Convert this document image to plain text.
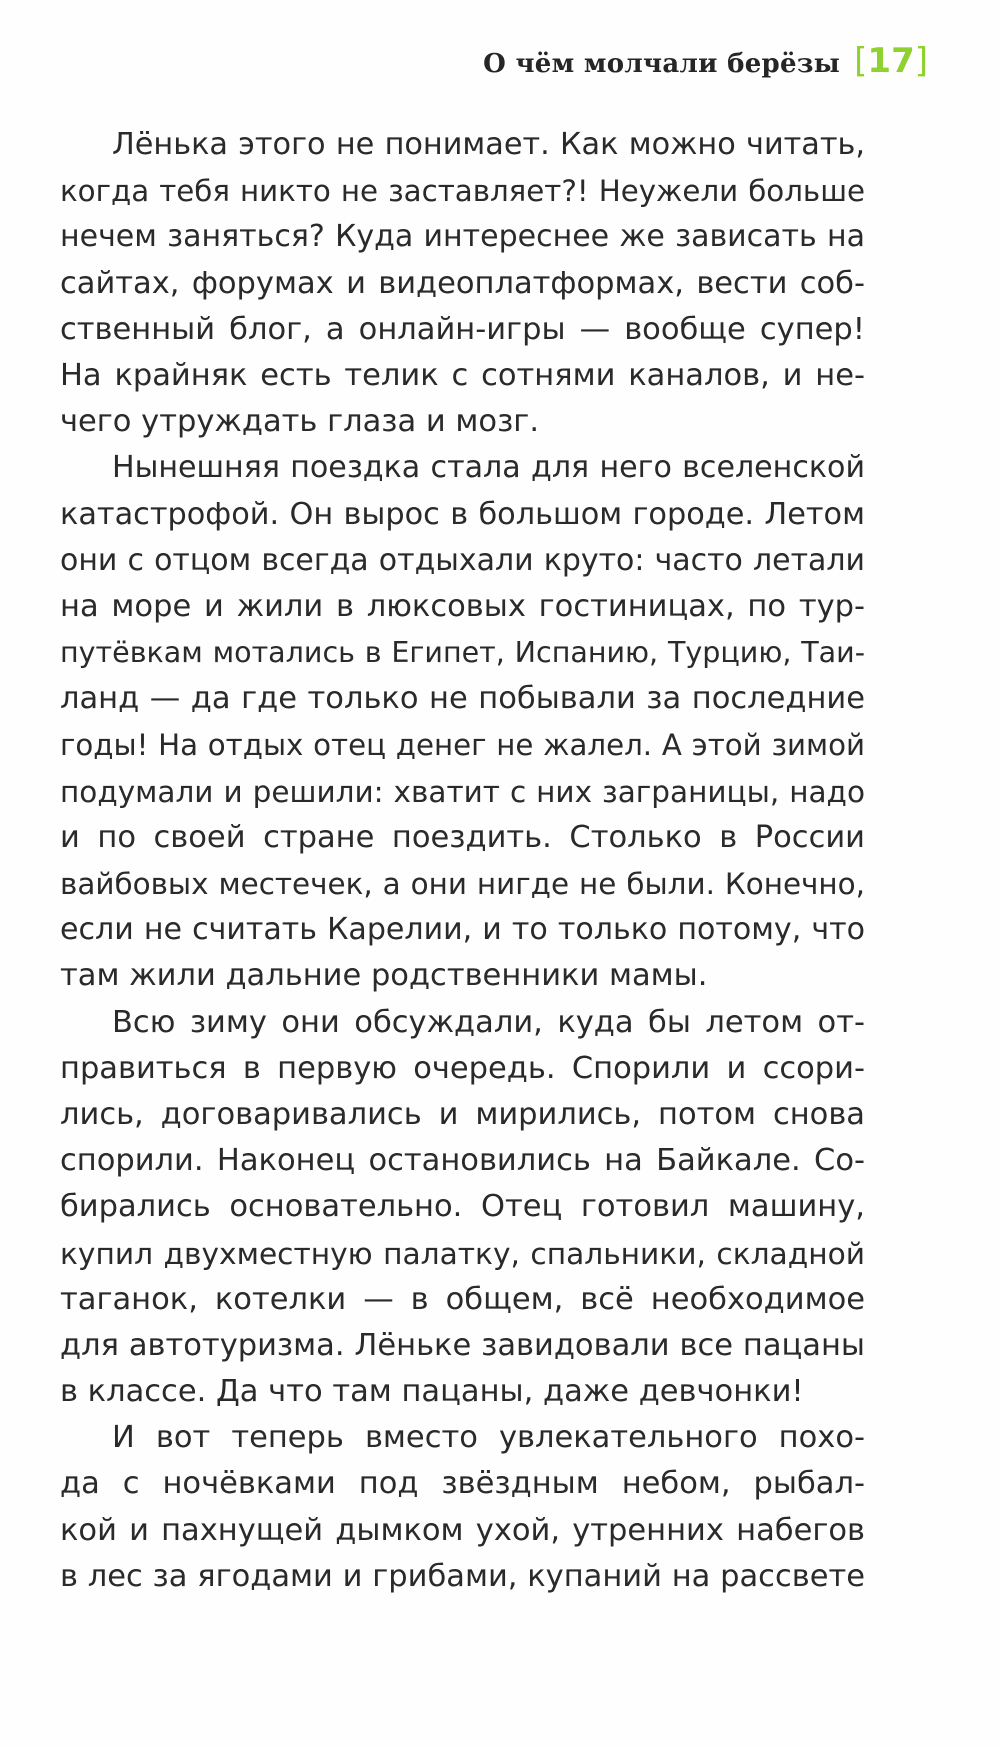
О чём молчали берёзы [17]
Лёнька этого не понимает. Как можно читать,
когда тебя никто не заставляет?! Неужели больше
нечем заняться? Куда интереснее же зависать на
сайтах, форумах и видеоплатформах, вести соб-
ственный блог, а онлайн-игры — вообще супер!
На крайняк есть телик с сотнями каналов, и не-
чего утруждать глаза и мозг.
Нынешняя поездка стала для него вселенской
катастрофой. Он вырос в большом городе. Летом
они с отцом всегда отдыхали круто: часто летали
на море и жили в люксовых гостиницах, по тур-
путёвкам мотались в Египет, Испанию, Турцию, Таи-
ланд — да где только не побывали за последние
годы! На отдых отец денег не жалел. А этой зимой
подумали и решили: хватит с них заграницы, надо
и по своей стране поездить. Столько в России
вайбовых местечек, а они нигде не были. Конечно,
если не считать Карелии, и то только потому, что
там жили дальние родственники мамы.
Всю зиму они обсуждали, куда бы летом от-
правиться в первую очередь. Спорили и ссори-
лись, договаривались и мирились, потом снова
спорили. Наконец остановились на Байкале. Со-
бирались основательно. Отец готовил машину,
купил двухместную палатку, спальники, складной
таганок, котелки — в общем, всё необходимое
для автотуризма. Лёньке завидовали все пацаны
в классе. Да что там пацаны, даже девчонки!
И вот теперь вместо увлекательного похо-
да с ночёвками под звёздным небом, рыбал-
кой и пахнущей дымком ухой, утренних набегов
в лес за ягодами и грибами, купаний на рассвете
